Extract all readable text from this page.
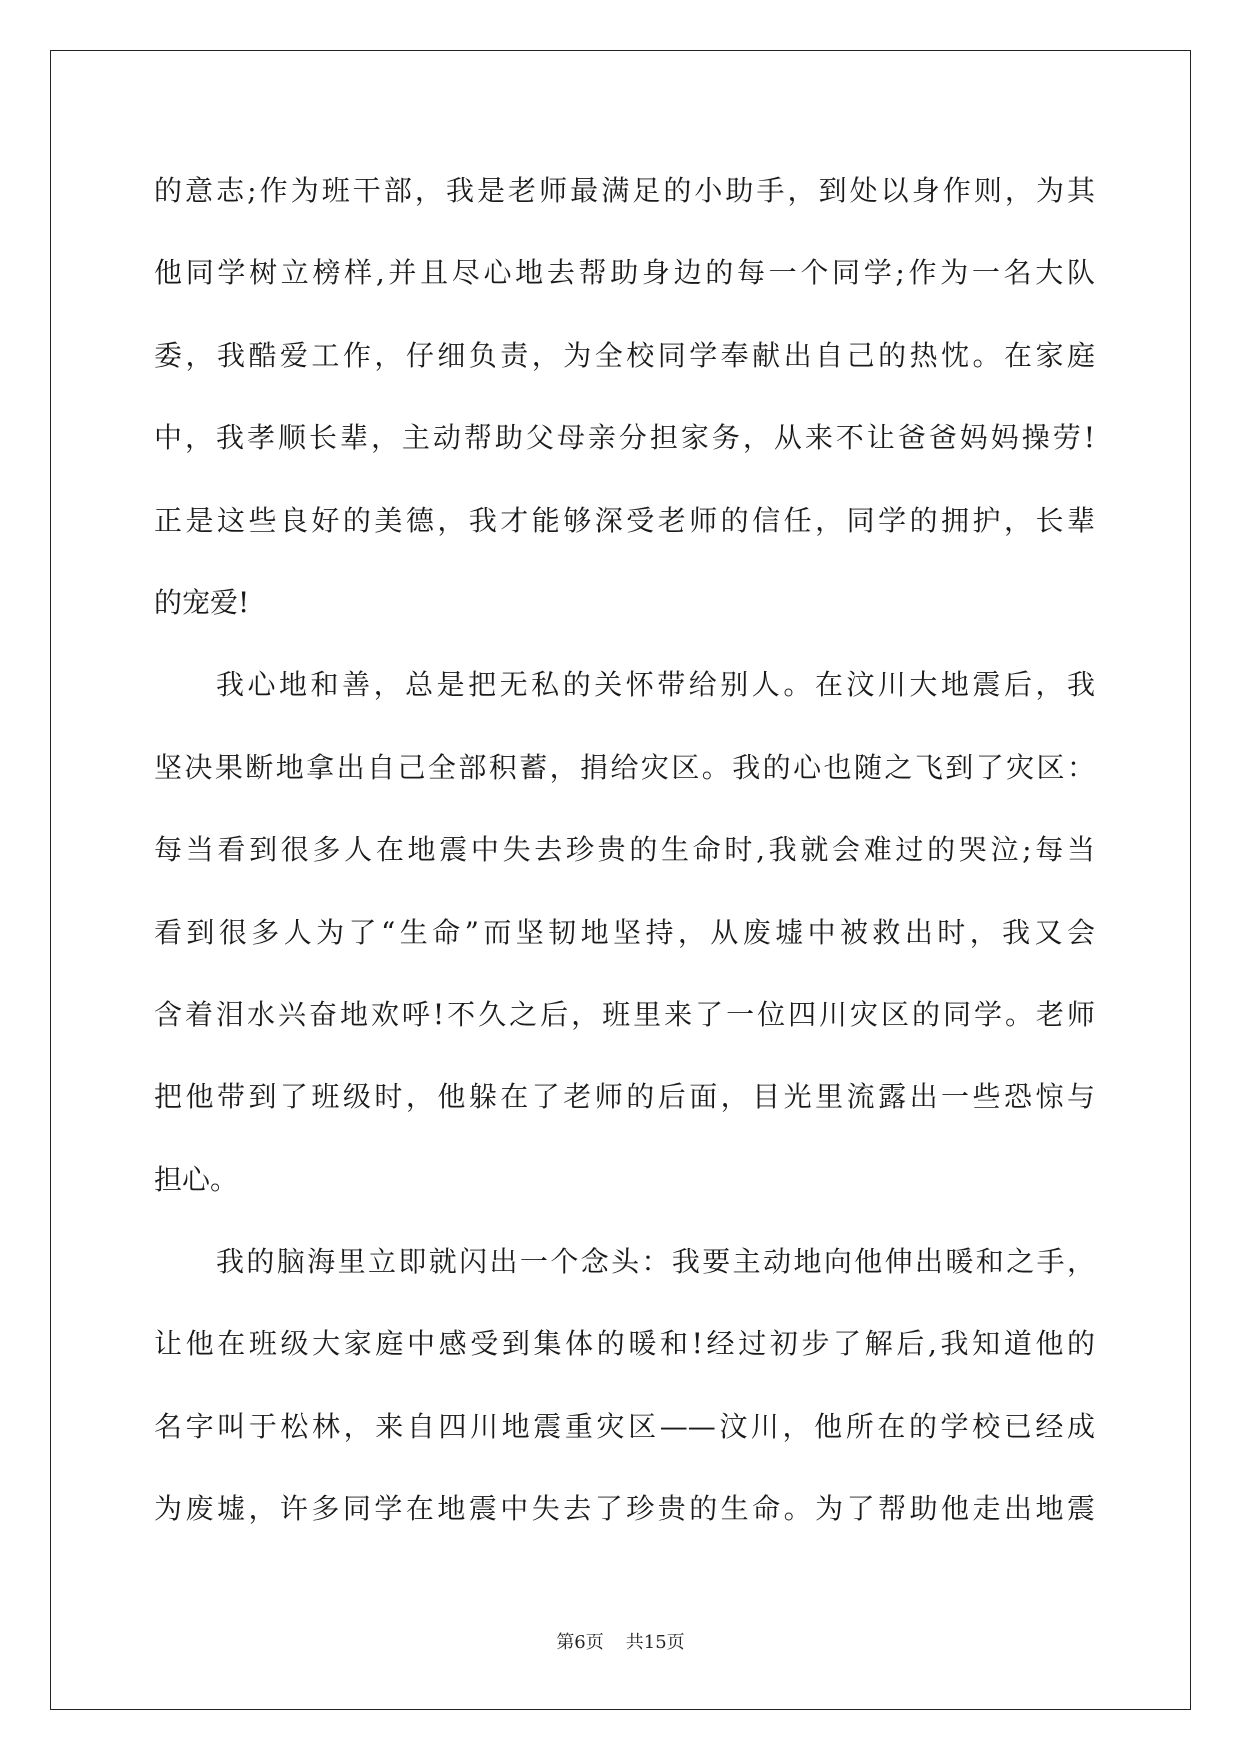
的意志;作为班干部，我是老师最满足的小助手，到处以身作则，为其
他同学树立榜样,并且尽心地去帮助身边的每一个同学;作为一名大队
委，我酷爱工作，仔细负责，为全校同学奉献出自己的热忱。在家庭
中，我孝顺长辈，主动帮助父母亲分担家务，从来不让爸爸妈妈操劳!
正是这些良好的美德，我才能够深受老师的信任，同学的拥护，长辈
的宠爱!
我心地和善，总是把无私的关怀带给别人。在汶川大地震后，我
坚决果断地拿出自己全部积蓄，捐给灾区。我的心也随之飞到了灾区：
每当看到很多人在地震中失去珍贵的生命时,我就会难过的哭泣;每当
看到很多人为了“生命”而坚韧地坚持，从废墟中被救出时，我又会
含着泪水兴奋地欢呼!不久之后，班里来了一位四川灾区的同学。老师
把他带到了班级时，他躲在了老师的后面，目光里流露出一些恐惊与
担心。
我的脑海里立即就闪出一个念头：我要主动地向他伸出暖和之手，
让他在班级大家庭中感受到集体的暖和!经过初步了解后,我知道他的
名字叫于松林，来自四川地震重灾区——汶川，他所在的学校已经成
为废墟，许多同学在地震中失去了珍贵的生命。为了帮助他走出地震
第6页 共15页
